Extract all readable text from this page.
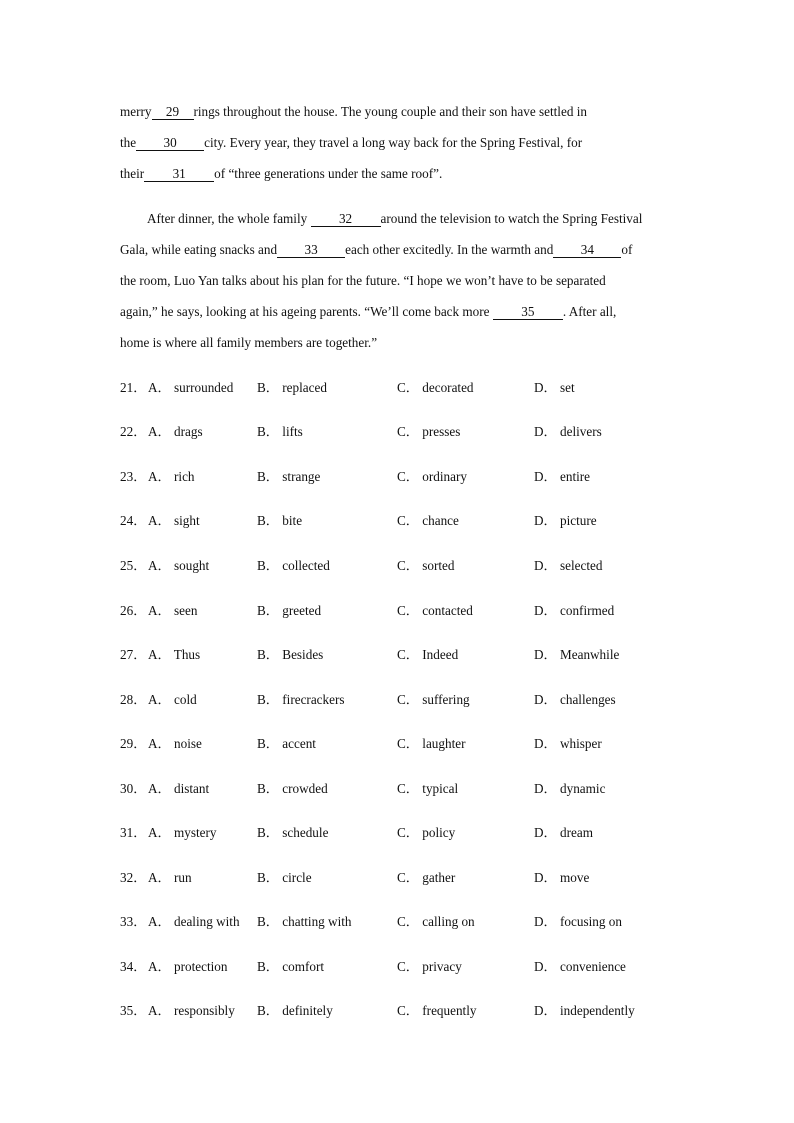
merry 29 rings throughout the house. The young couple and their son have settled in
the 30 city. Every year, they travel a long way back for the Spring Festival, for
their 31 of “three generations under the same roof”.
After dinner, the whole family 32 around the television to watch the Spring Festival
Gala, while eating snacks and 33 each other excitedly. In the warmth and 34 of
the room, Luo Yan talks about his plan for the future. “I hope we won’t have to be separated
again,” he says, looking at his ageing parents. “We’ll come back more 35 . After all,
home is where all family members are together.”
21． A． surrounded B． replaced	C． decorated	D． set
22． A． drags	B． lifts	C． presses	D． delivers
23． A． rich	B． strange	C． ordinary	D． entire
24． A． sight	B． bite	C． chance	D． picture
25． A． sought	B． collected	C． sorted	D． selected
26． A． seen	B． greeted	C． contacted	D． confirmed
27． A． Thus	B． Besides	C． Indeed	D． Meanwhile
28． A． cold	B． firecrackers	C． suffering	D． challenges
29． A． noise	B． accent	C． laughter	D． whisper
30． A． distant	B． crowded	C． typical	D． dynamic
31． A． mystery	B． schedule	C． policy	D． dream
32． A． run	B． circle	C． gather	D． move
33． A． dealing with B． chatting with	C． calling on	D． focusing on
34． A． protection B． comfort	C． privacy	D． convenience
35． A． responsibly B． definitely	C． frequently	D． independently
